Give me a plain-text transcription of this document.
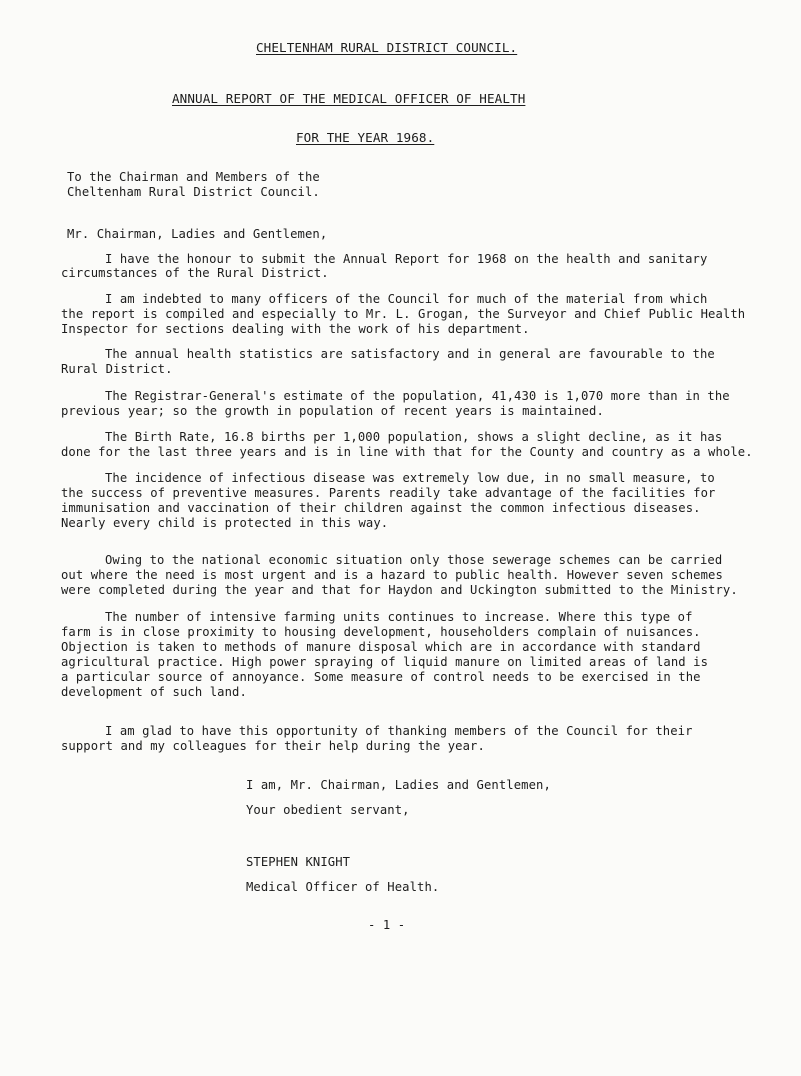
CHELTENHAM RURAL DISTRICT COUNCIL.
ANNUAL REPORT OF THE MEDICAL OFFICER OF HEALTH
FOR THE YEAR 1968.
To the Chairman and Members of the
Cheltenham Rural District Council.
Mr. Chairman, Ladies and Gentlemen,
I have the honour to submit the Annual Report for 1968 on the health and sanitary
circumstances of the Rural District.
I am indebted to many officers of the Council for much of the material from which
the report is compiled and especially to Mr. L. Grogan, the Surveyor and Chief Public Health
Inspector for sections dealing with the work of his department.
The annual health statistics are satisfactory and in general are favourable to the
Rural District.
The Registrar-General's estimate of the population, 41,430 is 1,070 more than in the
previous year; so the growth in population of recent years is maintained.
The Birth Rate, 16.8 births per 1,000 population, shows a slight decline, as it has
done for the last three years and is in line with that for the County and country as a whole.
The incidence of infectious disease was extremely low due, in no small measure, to
the success of preventive measures. Parents readily take advantage of the facilities for
immunisation and vaccination of their children against the common infectious diseases.
Nearly every child is protected in this way.
Owing to the national economic situation only those sewerage schemes can be carried
out where the need is most urgent and is a hazard to public health. However seven schemes
were completed during the year and that for Haydon and Uckington submitted to the Ministry.
The number of intensive farming units continues to increase. Where this type of
farm is in close proximity to housing development, householders complain of nuisances.
Objection is taken to methods of manure disposal which are in accordance with standard
agricultural practice. High power spraying of liquid manure on limited areas of land is
a particular source of annoyance. Some measure of control needs to be exercised in the
development of such land.
I am glad to have this opportunity of thanking members of the Council for their
support and my colleagues for their help during the year.
I am, Mr. Chairman, Ladies and Gentlemen,
Your obedient servant,
STEPHEN KNIGHT
Medical Officer of Health.
- 1 -
